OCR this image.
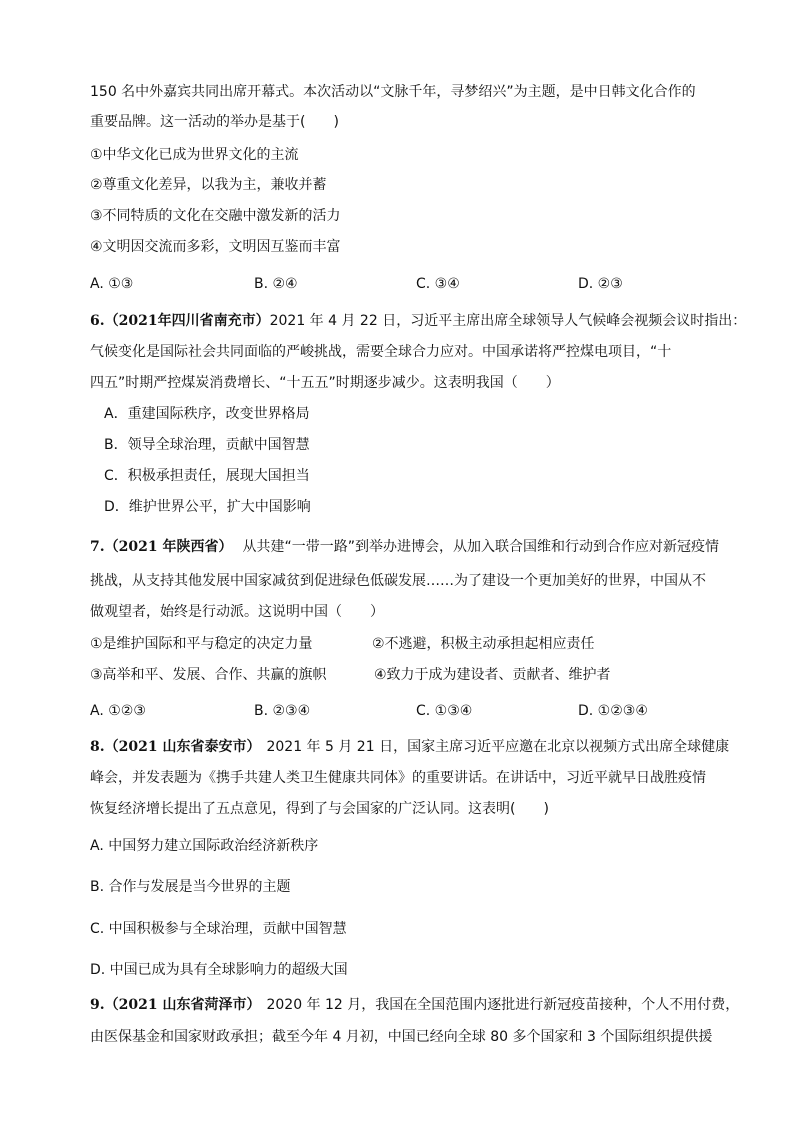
150 名中外嘉宾共同出席开幕式。本次活动以“文脉千年，寻梦绍兴”为主题，是中日韩文化合作的
重要品牌。这一活动的举办是基于(　　)
①中华文化已成为世界文化的主流
②尊重文化差异，以我为主，兼收并蓄
③不同特质的文化在交融中激发新的活力
④文明因交流而多彩，文明因互鉴而丰富
A. ①③	B. ②④	C. ③④	D. ②③
6.（2021年四川省南充市）2021 年 4 月 22 日，习近平主席出席全球领导人气候峰会视频会议时指出：
气候变化是国际社会共同面临的严峻挑战，需要全球合力应对。中国承诺将严控煤电项目，“十
四五”时期严控煤炭消费增长、“十五五”时期逐步减少。这表明我国（　　）
A．重建国际秩序，改变世界格局
B．领导全球治理，贡献中国智慧
C．积极承担责任，展现大国担当
D．维护世界公平，扩大中国影响
7.（2021 年陕西省） 从共建“一带一路”到举办进博会，从加入联合国维和行动到合作应对新冠疫情
挑战，从支持其他发展中国家减贫到促进绿色低碳发展……为了建设一个更加美好的世界，中国从不
做观望者，始终是行动派。这说明中国（　　）
①是维护国际和平与稳定的决定力量	②不逃避，积极主动承担起相应责任
③高举和平、发展、合作、共赢的旗帜	④致力于成为建设者、贡献者、维护者
A. ①②③	B. ②③④	C. ①③④	D. ①②③④
8.（2021 山东省泰安市） 2021 年 5 月 21 日，国家主席习近平应邀在北京以视频方式出席全球健康
峰会，并发表题为《携手共建人类卫生健康共同体》的重要讲话。在讲话中，习近平就早日战胜疫情
恢复经济增长提出了五点意见，得到了与会国家的广泛认同。这表明(　　)
A. 中国努力建立国际政治经济新秩序
B. 合作与发展是当今世界的主题
C. 中国积极参与全球治理，贡献中国智慧
D. 中国已成为具有全球影响力的超级大国
9.（2021 山东省菏泽市） 2020 年 12 月，我国在全国范围内逐批进行新冠疫苗接种，个人不用付费，
由医保基金和国家财政承担；截至今年 4 月初，中国已经向全球 80 多个国家和 3 个国际组织提供援
